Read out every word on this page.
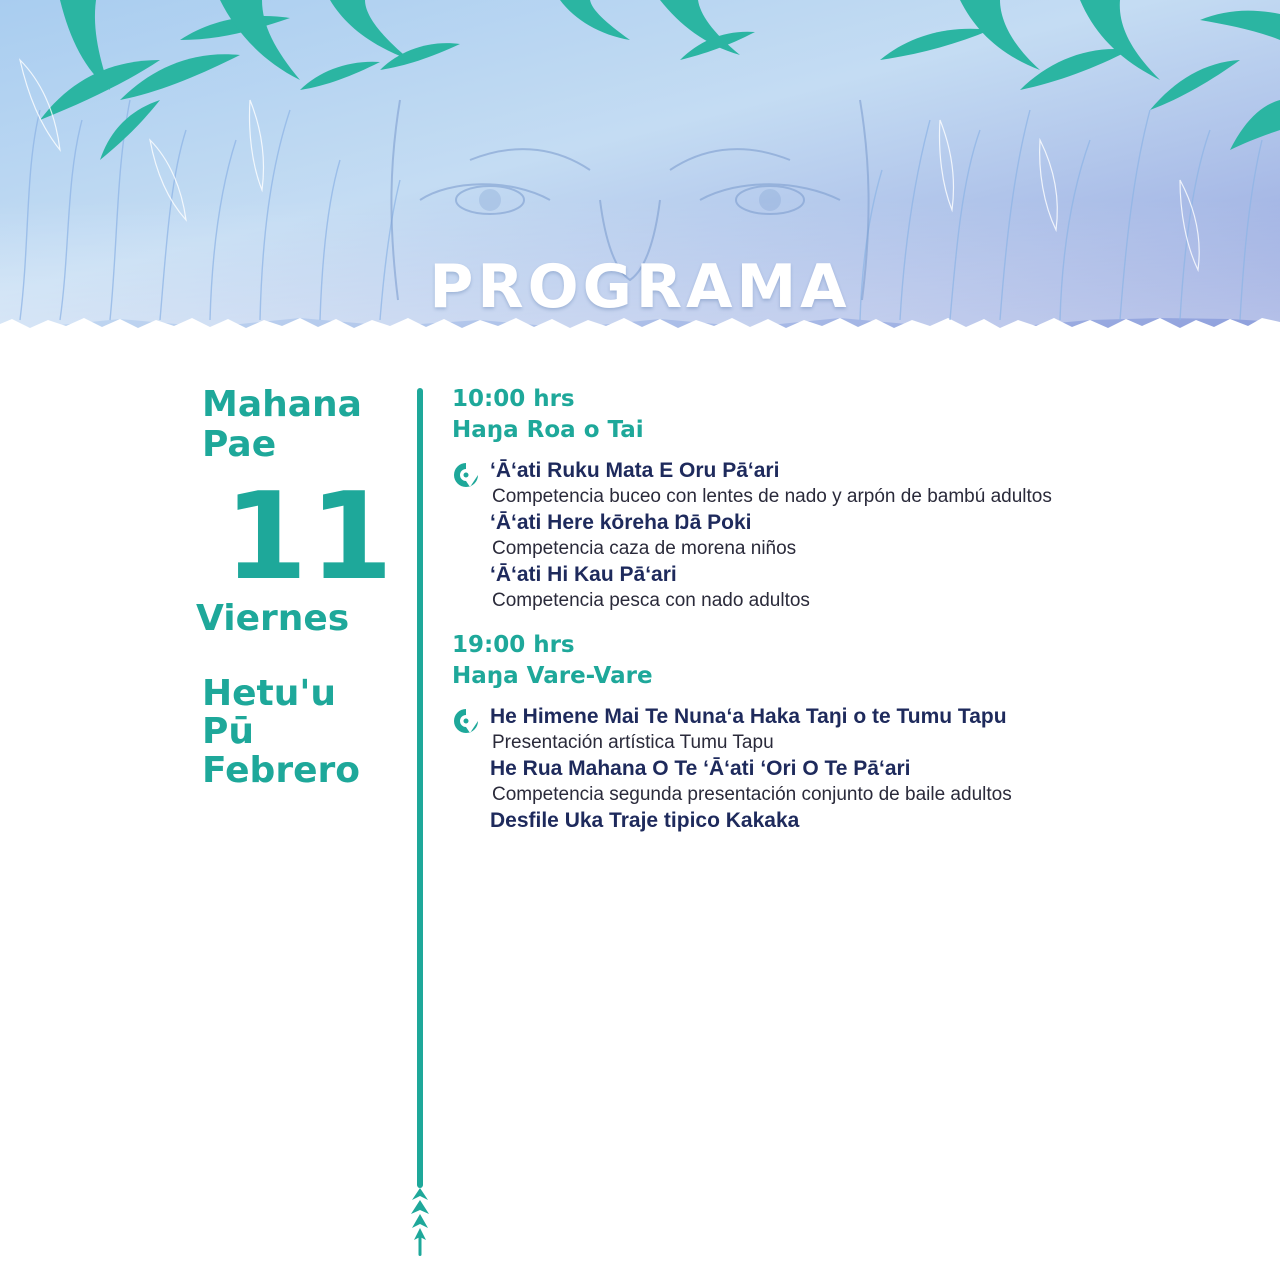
PROGRAMA
Mahana
Pae
11
Viernes
Hetu'u Pū
Febrero
10:00 hrs
Haŋa Roa o Tai
ʻĀʻati Ruku Mata E Oru Pāʻari
Competencia buceo con lentes de nado y arpón de bambú adultos
ʻĀʻati Here kōreha Ŋā Poki
Competencia caza de morena niños
ʻĀʻati Hi Kau Pāʻari
Competencia pesca con nado adultos
19:00 hrs
Haŋa Vare-Vare
He Himene Mai Te Nunaʻa Haka Taŋi o te Tumu Tapu
Presentación artística Tumu Tapu
He Rua Mahana O Te ʻĀʻati ʻOri O Te Pāʻari
Competencia segunda presentación conjunto de baile adultos
Desfile Uka Traje tipico Kakaka
